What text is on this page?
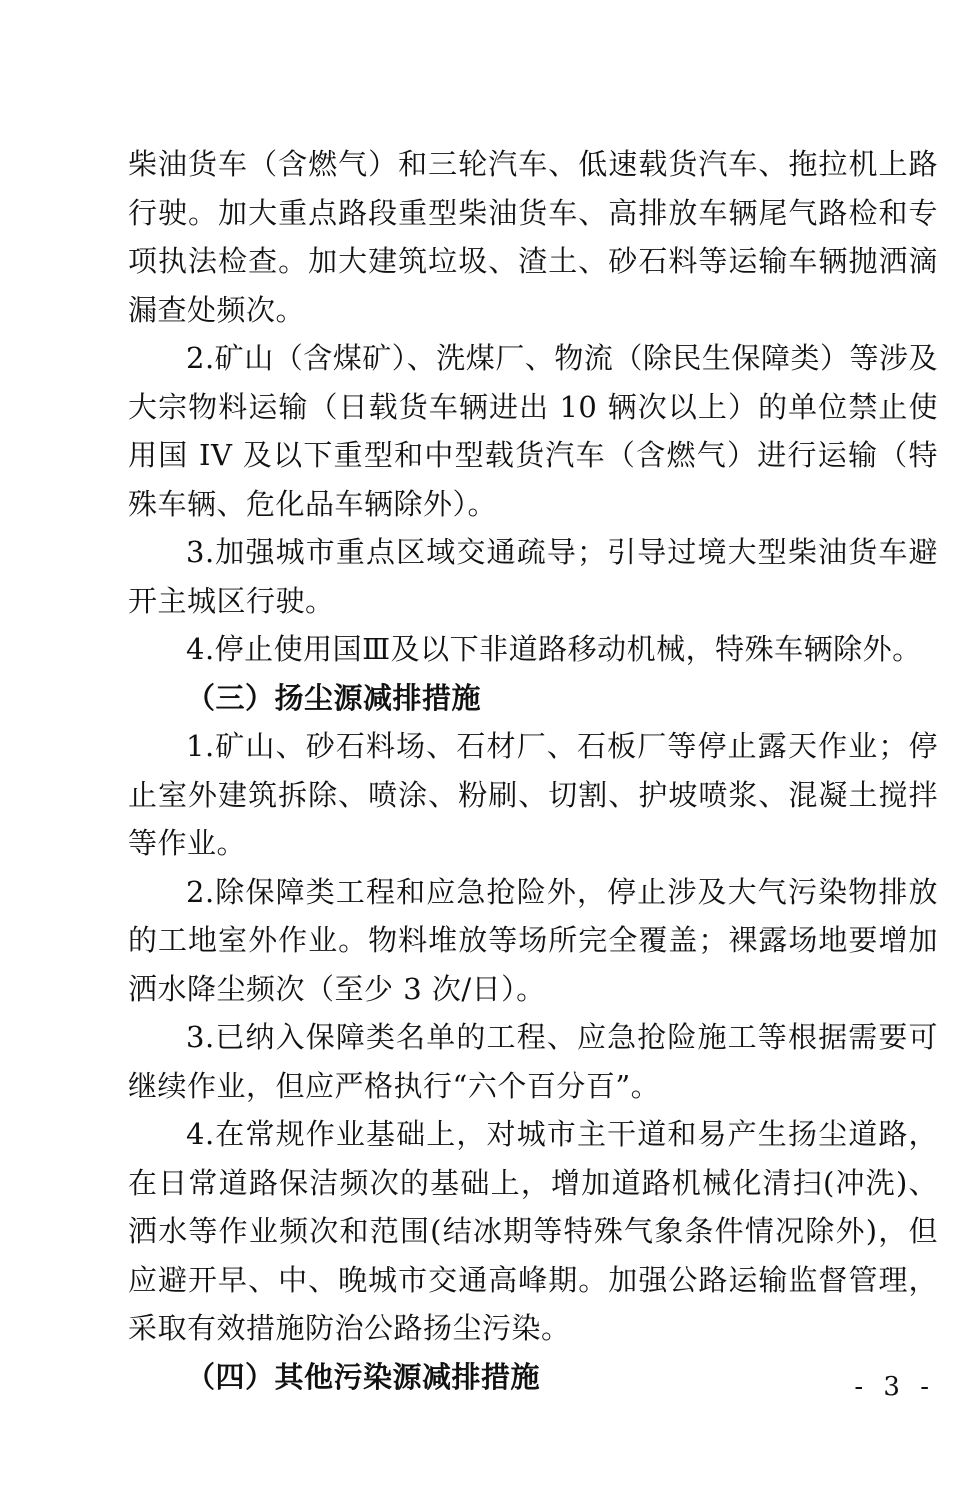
柴油货车（含燃气）和三轮汽车、低速载货汽车、拖拉机上路行驶。加大重点路段重型柴油货车、高排放车辆尾气路检和专项执法检查。加大建筑垃圾、渣土、砂石料等运输车辆抛洒滴漏查处频次。

2.矿山（含煤矿）、洗煤厂、物流（除民生保障类）等涉及大宗物料运输（日载货车辆进出 10 辆次以上）的单位禁止使用国 IV 及以下重型和中型载货汽车（含燃气）进行运输（特殊车辆、危化品车辆除外）。

3.加强城市重点区域交通疏导；引导过境大型柴油货车避开主城区行驶。

4.停止使用国Ⅲ及以下非道路移动机械，特殊车辆除外。

（三）扬尘源减排措施

1.矿山、砂石料场、石材厂、石板厂等停止露天作业；停止室外建筑拆除、喷涂、粉刷、切割、护坡喷浆、混凝土搅拌等作业。

2.除保障类工程和应急抢险外，停止涉及大气污染物排放的工地室外作业。物料堆放等场所完全覆盖；裸露场地要增加洒水降尘频次（至少 3 次/日）。

3.已纳入保障类名单的工程、应急抢险施工等根据需要可继续作业，但应严格执行“六个百分百”。

4.在常规作业基础上，对城市主干道和易产生扬尘道路，在日常道路保洁频次的基础上，增加道路机械化清扫(冲洗)、洒水等作业频次和范围(结冰期等特殊气象条件情况除外)，但应避开早、中、晚城市交通高峰期。加强公路运输监督管理，采取有效措施防治公路扬尘污染。

（四）其他污染源减排措施	- 3 -
